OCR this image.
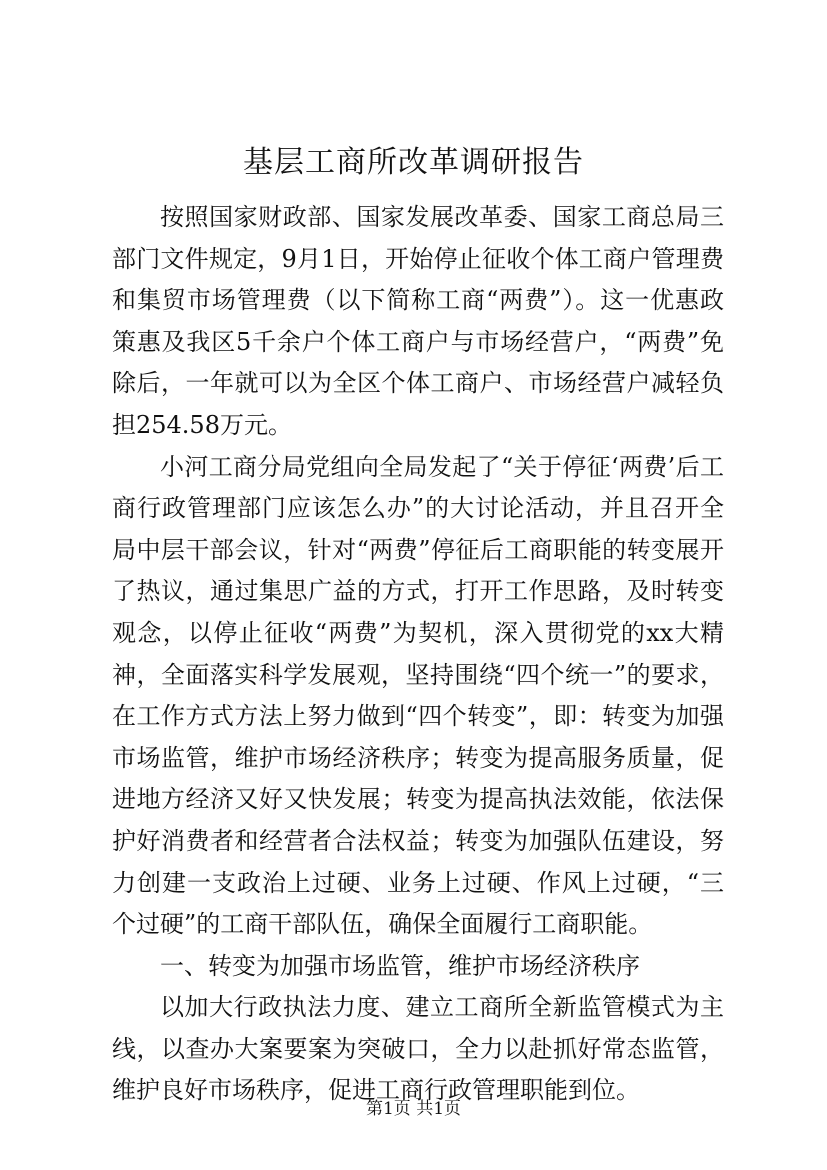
基层工商所改革调研报告

按照国家财政部、国家发展改革委、国家工商总局三部门文件规定，9月1日，开始停止征收个体工商户管理费和集贸市场管理费（以下简称工商“两费”）。这一优惠政策惠及我区5千余户个体工商户与市场经营户，“两费”免除后，一年就可以为全区个体工商户、市场经营户减轻负担254.58万元。

小河工商分局党组向全局发起了“关于停征‘两费’后工商行政管理部门应该怎么办”的大讨论活动，并且召开全局中层干部会议，针对“两费”停征后工商职能的转变展开了热议，通过集思广益的方式，打开工作思路，及时转变观念，以停止征收“两费”为契机，深入贯彻党的xx大精神，全面落实科学发展观，坚持围绕“四个统一”的要求，在工作方式方法上努力做到“四个转变”，即：转变为加强市场监管，维护市场经济秩序；转变为提高服务质量，促进地方经济又好又快发展；转变为提高执法效能，依法保护好消费者和经营者合法权益；转变为加强队伍建设，努力创建一支政治上过硬、业务上过硬、作风上过硬，“三个过硬”的工商干部队伍，确保全面履行工商职能。

一、转变为加强市场监管，维护市场经济秩序

以加大行政执法力度、建立工商所全新监管模式为主线，以查办大案要案为突破口，全力以赴抓好常态监管，维护良好市场秩序，促进工商行政管理职能到位。

第1页 共1页
